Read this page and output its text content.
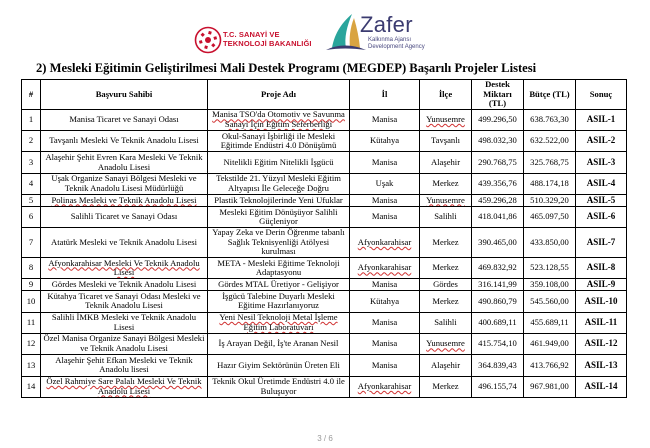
T.C. SANAYİ VE
TEKNOLOJİ BAKANLIĞI
Zafer
Kalkınma Ajansı
Development Agency
2) Mesleki Eğitimin Geliştirilmesi Mali Destek Programı (MEGDEP) Başarılı Projeler Listesi
#	Başvuru Sahibi	Proje Adı	İl	İlçe	Destek Miktarı (TL)	Bütçe (TL)	Sonuç
1	Manisa Ticaret ve Sanayi Odası	Manisa TSO'da Otomotiv ve Savunma Sanayi İçin Eğitim Seferberliği	Manisa	Yunusemre	499.296,50	638.763,30	ASIL-1
2	Tavşanlı Mesleki Ve Teknik Anadolu Lisesi	Okul-Sanayi İşbirliği ile Mesleki Eğitimde Endüstri 4.0 Dönüşümü	Kütahya	Tavşanlı	498.032,30	632.522,00	ASIL-2
3	Alaşehir Şehit Evren Kara Mesleki Ve Teknik Anadolu Lisesi	Nitelikli Eğitim Nitelikli İşgücü	Manisa	Alaşehir	290.768,75	325.768,75	ASIL-3
4	Uşak Organize Sanayi Bölgesi Mesleki ve Teknik Anadolu Lisesi Müdürlüğü	Tekstilde 21. Yüzyıl Mesleki Eğitim Altyapısı İle Geleceğe Doğru	Uşak	Merkez	439.356,76	488.174,18	ASIL-4
5	Polinas Mesleki ve Teknik Anadolu Lisesi	Plastik Teknolojilerinde Yeni Ufuklar	Manisa	Yunusemre	459.296,28	510.329,20	ASIL-5
6	Salihli Ticaret ve Sanayi Odası	Mesleki Eğitim Dönüşüyor Salihli Güçleniyor	Manisa	Salihli	418.041,86	465.097,50	ASIL-6
7	Atatürk Mesleki ve Teknik Anadolu Lisesi	Yapay Zeka ve Derin Öğrenme tabanlı Sağlık Teknisyenliği Atölyesi kurulması	Afyonkarahisar	Merkez	390.465,00	433.850,00	ASIL-7
8	Afyonkarahisar Mesleki Ve Teknik Anadolu Lisesi	META - Mesleki Eğitime Teknoloji Adaptasyonu	Afyonkarahisar	Merkez	469.832,92	523.128,55	ASIL-8
9	Gördes Mesleki ve Teknik Anadolu Lisesi	Gördes MTAL Üretiyor - Gelişiyor	Manisa	Gördes	316.141,99	359.108,00	ASIL-9
10	Kütahya Ticaret ve Sanayi Odası Mesleki ve Teknik Anadolu Lisesi	İşgücü Talebine Duyarlı Mesleki Eğitime Hazırlanıyoruz	Kütahya	Merkez	490.860,79	545.560,00	ASIL-10
11	Salihli İMKB Mesleki ve Teknik Anadolu Lisesi	Yeni Nesil Teknoloji Metal İşleme Eğitim Laboratuvarı	Manisa	Salihli	400.689,11	455.689,11	ASIL-11
12	Özel Manisa Organize Sanayi Bölgesi Mesleki ve Teknik Anadolu Lisesi	İş Arayan Değil, İş'te Aranan Nesil	Manisa	Yunusemre	415.754,10	461.949,00	ASIL-12
13	Alaşehir Şehit Efkan Mesleki ve Teknik Anadolu lisesi	Hazır Giyim Sektörünün Üreten Eli	Manisa	Alaşehir	364.839,43	413.766,92	ASIL-13
14	Özel Rahmiye Sare Palalı Mesleki Ve Teknik Anadolu Lisesi	Teknik Okul Üretimde Endüstri 4.0 ile Buluşuyor	Afyonkarahisar	Merkez	496.155,74	967.981,00	ASIL-14
3 / 6
